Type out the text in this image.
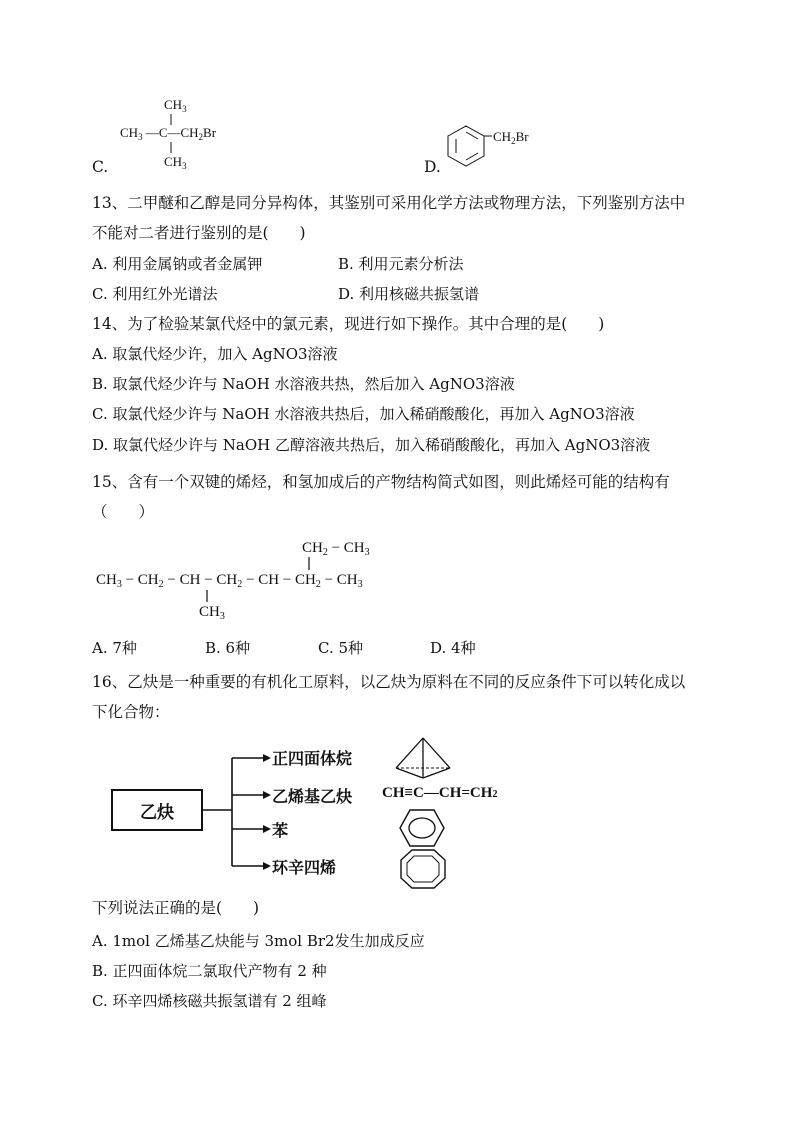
C.
$CH_3$
$CH_3$ $—C—CH_2Br$
$CH_3$	D.
$CH_2Br$
13、二甲醚和乙醇是同分异构体，其鉴别可采用化学方法或物理方法，下列鉴别方法中
不能对二者进行鉴别的是(　　)
A. 利用金属钠或者金属钾	B. 利用元素分析法
C. 利用红外光谱法	D. 利用核磁共振氢谱
14、为了检验某氯代烃中的氯元素，现进行如下操作。其中合理的是(　　)
A. 取氯代烃少许，加入 AgNO3溶液
B. 取氯代烃少许与 NaOH 水溶液共热，然后加入 AgNO3溶液
C. 取氯代烃少许与 NaOH 水溶液共热后，加入稀硝酸酸化，再加入 AgNO3溶液
D. 取氯代烃少许与 NaOH 乙醇溶液共热后，加入稀硝酸酸化，再加入 AgNO3溶液
15、含有一个双键的烯烃，和氢加成后的产物结构简式如图，则此烯烃可能的结构有
（　　）
$CH_2 - CH_3$
$CH_3 - CH_2$ − CH − $CH_2$ − CH − $CH_2 - CH_3$
$CH_3$
A. 7种	B. 6种	C. 5种	D. 4种
16、乙炔是一种重要的有机化工原料，以乙炔为原料在不同的反应条件下可以转化成以
下化合物：
乙炔
正四面体烷
乙烯基乙炔
苯
环辛四烯
CH≡C—CH=CH2
下列说法正确的是(　　)
A. 1mol 乙烯基乙炔能与 3mol Br2发生加成反应
B. 正四面体烷二氯取代产物有 2 种
C. 环辛四烯核磁共振氢谱有 2 组峰
